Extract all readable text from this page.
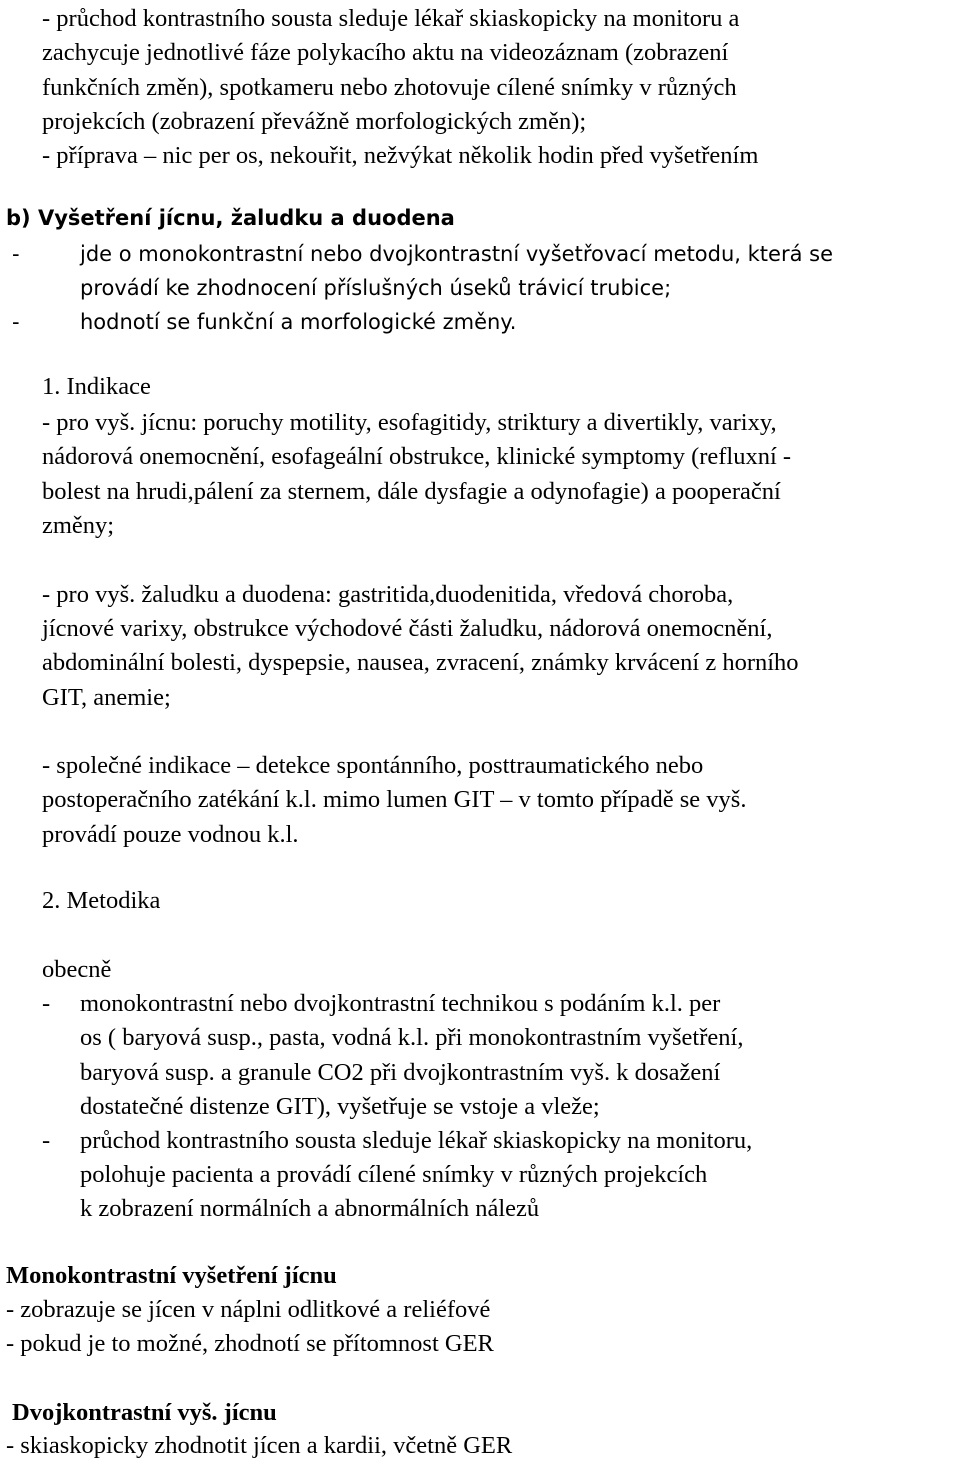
- průchod kontrastního sousta sleduje lékař skiaskopicky na monitoru a
zachycuje jednotlivé fáze polykacího aktu na videozáznam (zobrazení
funkčních změn), spotkameru nebo zhotovuje cílené snímky v různých
projekcích (zobrazení převážně morfologických změn);
- příprava – nic per os, nekouřit, nežvýkat několik hodin před vyšetřením
b) Vyšetření jícnu, žaludku a duodena
-	jde o monokontrastní nebo dvojkontrastní vyšetřovací metodu, která se
provádí ke zhodnocení příslušných úseků trávicí trubice;
-	hodnotí se funkční a morfologické změny.
1. Indikace
- pro vyš. jícnu: poruchy motility, esofagitidy, striktury a divertikly, varixy,
nádorová onemocnění, esofageální obstrukce, klinické symptomy (refluxní -
bolest na hrudi,pálení za sternem, dále dysfagie a odynofagie) a pooperační
změny;
- pro vyš. žaludku a duodena: gastritida,duodenitida, vředová choroba,
jícnové varixy, obstrukce východové části žaludku, nádorová onemocnění,
abdominální bolesti, dyspepsie, nausea, zvracení, známky krvácení z horního
GIT, anemie;
- společné indikace – detekce spontánního, posttraumatického nebo
postoperačního zatékání k.l. mimo lumen GIT – v tomto případě se vyš.
provádí pouze vodnou k.l.
2. Metodika
obecně
- monokontrastní nebo dvojkontrastní technikou s podáním k.l. per
os ( baryová susp., pasta, vodná k.l. při monokontrastním vyšetření,
baryová susp. a granule CO2 při dvojkontrastním vyš. k dosažení
dostatečné distenze GIT), vyšetřuje se vstoje a vleže;
- průchod kontrastního sousta sleduje lékař skiaskopicky na monitoru,
polohuje pacienta a provádí cílené snímky v různých projekcích
k zobrazení normálních a abnormálních nálezů
Monokontrastní vyšetření jícnu
- zobrazuje se jícen v náplni odlitkové a reliéfové
- pokud je to možné, zhodnotí se přítomnost GER
Dvojkontrastní vyš. jícnu
- skiaskopicky zhodnotit jícen a kardii, včetně GER
